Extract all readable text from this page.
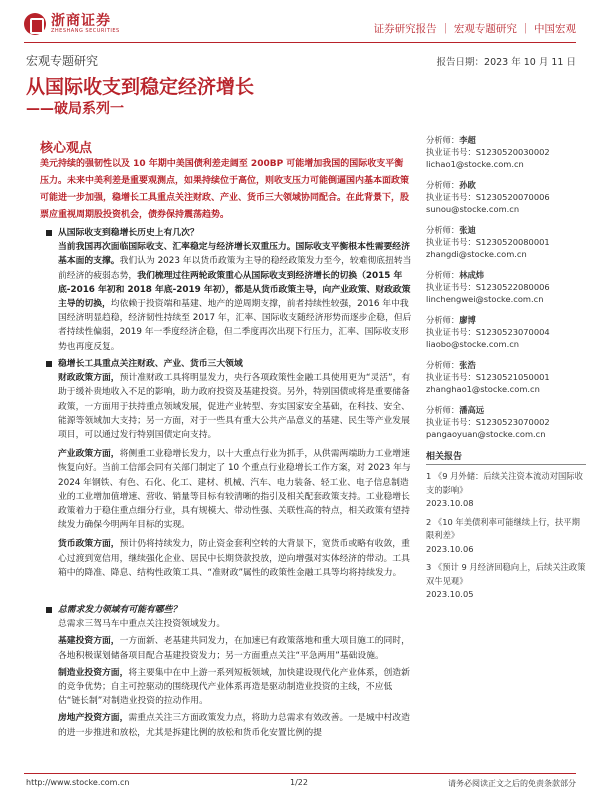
浙商证券
ZHESHANG SECURITIES	证券研究报告 ｜ 宏观专题研究 ｜ 中国宏观
宏观专题研究	报告日期：2023 年 10 月 11 日
从国际收支到稳定经济增长
——破局系列一
核心观点
美元持续的强韧性以及 10 年期中美国债利差走阔至 200BP 可能增加我国的国际收支平衡压力。未来中美利差是重要观测点，如果持续位于高位，则收支压力可能倒逼国内基本面政策可能进一步加强，稳增长工具重点关注财政、产业、货币三大领域协同配合。在此背景下，股票应重视周期股投资机会，债券保持震荡趋势。
从国际收支到稳增长历史上有几次？

当前我国再次面临国际收支、汇率稳定与经济增长双重压力。国际收支平衡根本性需要经济基本面的支撑。我们认为 2023 年以货币政策为主导的稳经政策发力至今，较难彻底扭转当前经济的疲弱态势，我们梳理过往两轮政策重心从国际收支到经济增长的切换（2015 年底-2016 年初和 2018 年底-2019 年初），都是从货币政策主导，向产业政策、财政政策主导的切换，均依赖于投资端和基建、地产的逆周期支撑，前者持续性较强，2016 年中我国经济明显趋稳，经济韧性持续至 2017 年，汇率、国际收支随经济形势而逐步企稳，但后者持续性偏弱，2019 年一季度经济企稳，但二季度再次出现下行压力，汇率、国际收支形势也再度反复。

稳增长工具重点关注财政、产业、货币三大领域

财政政策方面，预计准财政工具将明显发力，央行各项政策性金融工具使用更为“灵活”，有助于缓补贵地收入不足的影响，助力政府投资及基建投资。另外，特别国债或将是重要储备政策，一方面用于扶持重点领域发展，促进产业转型、夯实国家安全基础，在科技、安全、能源等领域加大支持；另一方面，对于一些具有重大公共产品意义的基建、民生等产业发展项目，可以通过发行特别国债定向支持。

产业政策方面，将侧重工业稳增长发力，以十大重点行业为抓手，从供需两端助力工业增速恢复向好。当前工信部会同有关部门制定了 10 个重点行业稳增长工作方案，对 2023 年与 2024 年钢铁、有色、石化、化工、建材、机械、汽车、电力装备、轻工业、电子信息制造业的工业增加值增速、营收、销量等目标有较清晰的指引及相关配套政策支持。工业稳增长政策着力于稳住重点细分行业，具有规模大、带动性强、关联性高的特点，相关政策有望持续发力确保今明两年目标的实现。

货币政策方面，预计仍将持续发力，防止资金套利空转的大背景下，宽货币或略有收敛，重心过渡到宽信用，继续强化企业、居民中长期贷款投放，逆向增强对实体经济的带动。工具箱中的降准、降息、结构性政策工具、“准财政”属性的政策性金融工具等均将持续发力。

总需求发力领域有可能有哪些？

总需求三驾马车中重点关注投资领域发力。

基建投资方面，一方面新、老基建共同发力，在加速已有政策落地和重大项目施工的同时，各地积极谋划储备项目配合基建投资发力；另一方面重点关注“平急两用”基础设施。

制造业投资方面，将主要集中在中上游一系列短板领域，加快建设现代化产业体系，创造新的竞争优势；自主可控驱动的围绕现代产业体系再造是驱动制造业投资的主线，不应低估“链长制”对制造业投资的拉动作用。

房地产投资方面，需重点关注三方面政策发力点，将助力总需求有效改善。一是城中村改造的进一步推进和放松，尤其是拆建比例的放松和货币化安置比例的提

分析师：李超
执业证书号：S1230520030002
lichao1@stocke.com.cn
分析师：孙欧
执业证书号：S1230520070006
sunou@stocke.com.cn
分析师：张迪
执业证书号：S1230520080001
zhangdi@stocke.com.cn
分析师：林成炜
执业证书号：S1230522080006
linchengwei@stocke.com.cn
分析师：廖博
执业证书号：S1230523070004
liaobo@stocke.com.cn
分析师：张浩
执业证书号：S1230521050001
zhanghao1@stocke.com.cn
分析师：潘高远
执业证书号：S1230523070002
pangaoyuan@stocke.com.cn
相关报告
1 《9 月外储：后续关注资本流动对国际收支的影响》
2023.10.08
2 《10 年美债利率可能继续上行，扶平期限利差》
2023.10.06
3 《预计 9 月经济回稳向上，后续关注政策双牛见观》
2023.10.05
http://www.stocke.com.cn	1/22	请务必阅读正文之后的免责条款部分
